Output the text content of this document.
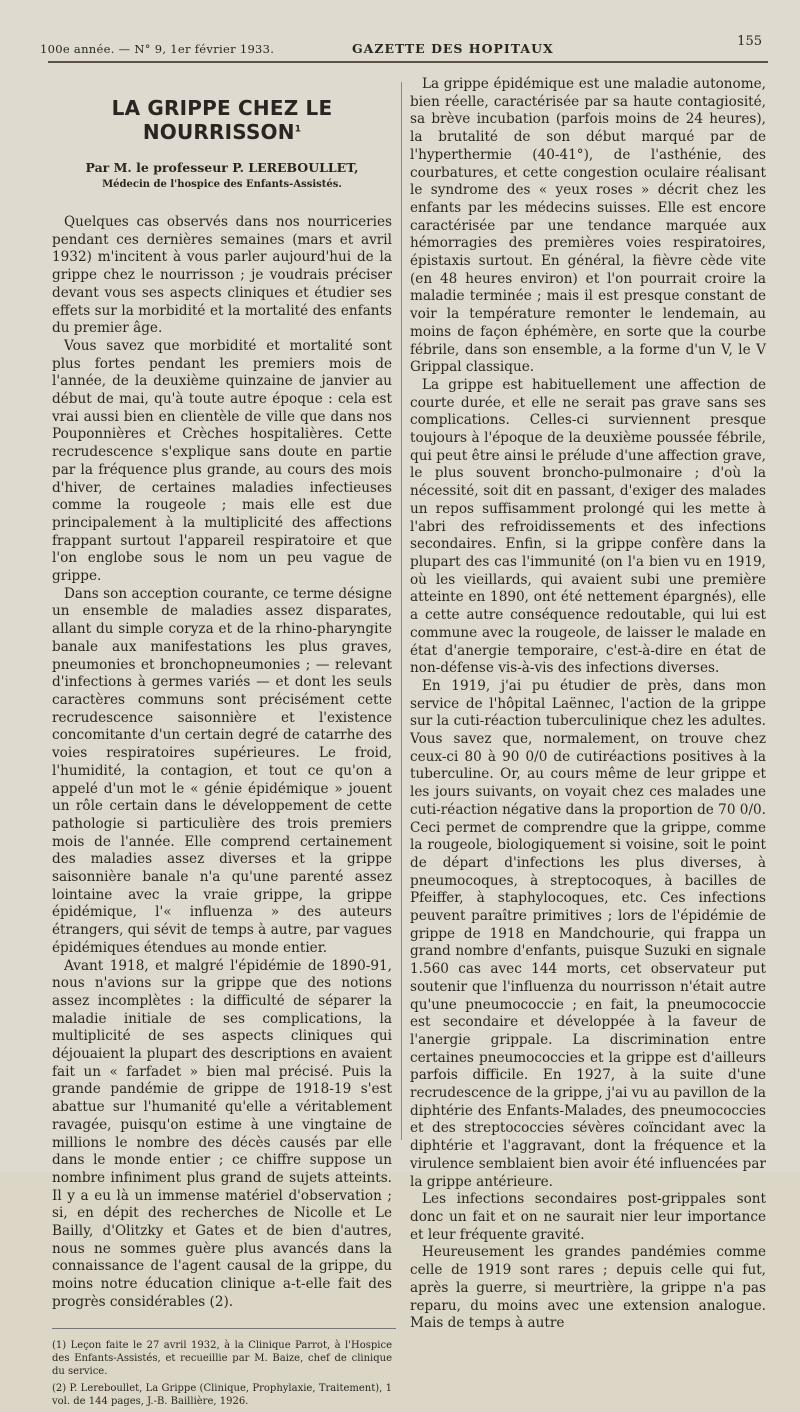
100e année. — N° 9, 1er février 1933.	GAZETTE DES HOPITAUX	155
LA GRIPPE CHEZ LE NOURRISSON$^1$

Par M. le professeur P. LEREBOULLET,

Médecin de l'hospice des Enfants-Assistés.

Quelques cas observés dans nos nourriceries pendant ces dernières semaines (mars et avril 1932) m'incitent à vous parler aujourd'hui de la grippe chez le nourrisson ; je voudrais préciser devant vous ses aspects cliniques et étudier ses effets sur la morbidité et la mortalité des enfants du premier âge.

Vous savez que morbidité et mortalité sont plus fortes pendant les premiers mois de l'année, de la deuxième quinzaine de janvier au début de mai, qu'à toute autre époque : cela est vrai aussi bien en clientèle de ville que dans nos Pouponnières et Crèches hospitalières. Cette recrudescence s'explique sans doute en partie par la fréquence plus grande, au cours des mois d'hiver, de certaines maladies infectieuses comme la rougeole ; mais elle est due principalement à la multiplicité des affections frappant surtout l'appareil respiratoire et que l'on englobe sous le nom un peu vague de grippe.

Dans son acception courante, ce terme désigne un ensemble de maladies assez disparates, allant du simple coryza et de la rhino-pharyngite banale aux manifestations les plus graves, pneumonies et bronchopneumonies ; — relevant d'infections à germes variés — et dont les seuls caractères communs sont précisément cette recrudescence saisonnière et l'existence concomitante d'un certain degré de catarrhe des voies respiratoires supérieures. Le froid, l'humidité, la contagion, et tout ce qu'on a appelé d'un mot le « génie épidémique » jouent un rôle certain dans le développement de cette pathologie si particulière des trois premiers mois de l'année. Elle comprend certainement des maladies assez diverses et la grippe saisonnière banale n'a qu'une parenté assez lointaine avec la vraie grippe, la grippe épidémique, l'« influenza » des auteurs étrangers, qui sévit de temps à autre, par vagues épidémiques étendues au monde entier.

Avant 1918, et malgré l'épidémie de 1890-91, nous n'avions sur la grippe que des notions assez incomplètes : la difficulté de séparer la maladie initiale de ses complications, la multiplicité de ses aspects cliniques qui déjouaient la plupart des descriptions en avaient fait un « farfadet » bien mal précisé. Puis la grande pandémie de grippe de 1918-19 s'est abattue sur l'humanité qu'elle a véritablement ravagée, puisqu'on estime à une vingtaine de millions le nombre des décès causés par elle dans le monde entier ; ce chiffre suppose un nombre infiniment plus grand de sujets atteints. Il y a eu là un immense matériel d'observation ; si, en dépit des recherches de Nicolle et Le Bailly, d'Olitzky et Gates et de bien d'autres, nous ne sommes guère plus avancés dans la connaissance de l'agent causal de la grippe, du moins notre éducation clinique a-t-elle fait des progrès considérables (2).

(1) Leçon faite le 27 avril 1932, à la Clinique Parrot, à l'Hospice des Enfants-Assistés, et recueillie par M. Baize, chef de clinique du service.

(2) P. Lereboullet, La Grippe (Clinique, Prophylaxie, Traitement), 1 vol. de 144 pages, J.-B. Baillière, 1926.

La grippe épidémique est une maladie autonome, bien réelle, caractérisée par sa haute contagiosité, sa brève incubation (parfois moins de 24 heures), la brutalité de son début marqué par de l'hyperthermie (40-41°), de l'asthénie, des courbatures, et cette congestion oculaire réalisant le syndrome des « yeux roses » décrit chez les enfants par les médecins suisses. Elle est encore caractérisée par une tendance marquée aux hémorragies des premières voies respiratoires, épistaxis surtout. En général, la fièvre cède vite (en 48 heures environ) et l'on pourrait croire la maladie terminée ; mais il est presque constant de voir la température remonter le lendemain, au moins de façon éphémère, en sorte que la courbe fébrile, dans son ensemble, a la forme d'un V, le V Grippal classique.

La grippe est habituellement une affection de courte durée, et elle ne serait pas grave sans ses complications. Celles-ci surviennent presque toujours à l'époque de la deuxième poussée fébrile, qui peut être ainsi le prélude d'une affection grave, le plus souvent broncho-pulmonaire ; d'où la nécessité, soit dit en passant, d'exiger des malades un repos suffisamment prolongé qui les mette à l'abri des refroidissements et des infections secondaires. Enfin, si la grippe confère dans la plupart des cas l'immunité (on l'a bien vu en 1919, où les vieillards, qui avaient subi une première atteinte en 1890, ont été nettement épargnés), elle a cette autre conséquence redoutable, qui lui est commune avec la rougeole, de laisser le malade en état d'anergie temporaire, c'est-à-dire en état de non-défense vis-à-vis des infections diverses.

En 1919, j'ai pu étudier de près, dans mon service de l'hôpital Laënnec, l'action de la grippe sur la cuti-réaction tuberculinique chez les adultes. Vous savez que, normalement, on trouve chez ceux-ci 80 à 90 0/0 de cutiréactions positives à la tuberculine. Or, au cours même de leur grippe et les jours suivants, on voyait chez ces malades une cuti-réaction négative dans la proportion de 70 0/0. Ceci permet de comprendre que la grippe, comme la rougeole, biologiquement si voisine, soit le point de départ d'infections les plus diverses, à pneumocoques, à streptocoques, à bacilles de Pfeiffer, à staphylocoques, etc. Ces infections peuvent paraître primitives ; lors de l'épidémie de grippe de 1918 en Mandchourie, qui frappa un grand nombre d'enfants, puisque Suzuki en signale 1.560 cas avec 144 morts, cet observateur put soutenir que l'influenza du nourrisson n'était autre qu'une pneumococcie ; en fait, la pneumococcie est secondaire et développée à la faveur de l'anergie grippale. La discrimination entre certaines pneumococcies et la grippe est d'ailleurs parfois difficile. En 1927, à la suite d'une recrudescence de la grippe, j'ai vu au pavillon de la diphtérie des Enfants-Malades, des pneumococcies et des streptococcies sévères coïncidant avec la diphtérie et l'aggravant, dont la fréquence et la virulence semblaient bien avoir été influencées par la grippe antérieure.

Les infections secondaires post-grippales sont donc un fait et on ne saurait nier leur importance et leur fréquente gravité.

Heureusement les grandes pandémies comme celle de 1919 sont rares ; depuis celle qui fut, après la guerre, si meurtrière, la grippe n'a pas reparu, du moins avec une extension analogue. Mais de temps à autre
